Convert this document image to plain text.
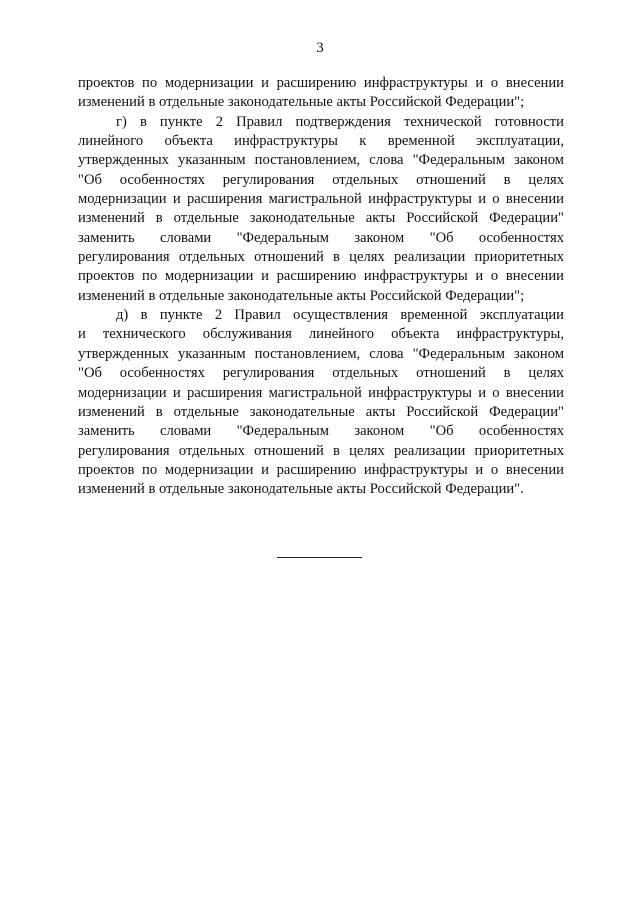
3
проектов по модернизации и расширению инфраструктуры и о внесении
изменений в отдельные законодательные акты Российской Федерации";
г) в пункте 2 Правил подтверждения технической готовности
линейного объекта инфраструктуры к временной эксплуатации,
утвержденных указанным постановлением, слова "Федеральным законом
"Об особенностях регулирования отдельных отношений в целях
модернизации и расширения магистральной инфраструктуры и о внесении
изменений в отдельные законодательные акты Российской Федерации"
заменить словами "Федеральным законом "Об особенностях
регулирования отдельных отношений в целях реализации приоритетных
проектов по модернизации и расширению инфраструктуры и о внесении
изменений в отдельные законодательные акты Российской Федерации";
д) в пункте 2 Правил осуществления временной эксплуатации
и технического обслуживания линейного объекта инфраструктуры,
утвержденных указанным постановлением, слова "Федеральным законом
"Об особенностях регулирования отдельных отношений в целях
модернизации и расширения магистральной инфраструктуры и о внесении
изменений в отдельные законодательные акты Российской Федерации"
заменить словами "Федеральным законом "Об особенностях
регулирования отдельных отношений в целях реализации приоритетных
проектов по модернизации и расширению инфраструктуры и о внесении
изменений в отдельные законодательные акты Российской Федерации".
